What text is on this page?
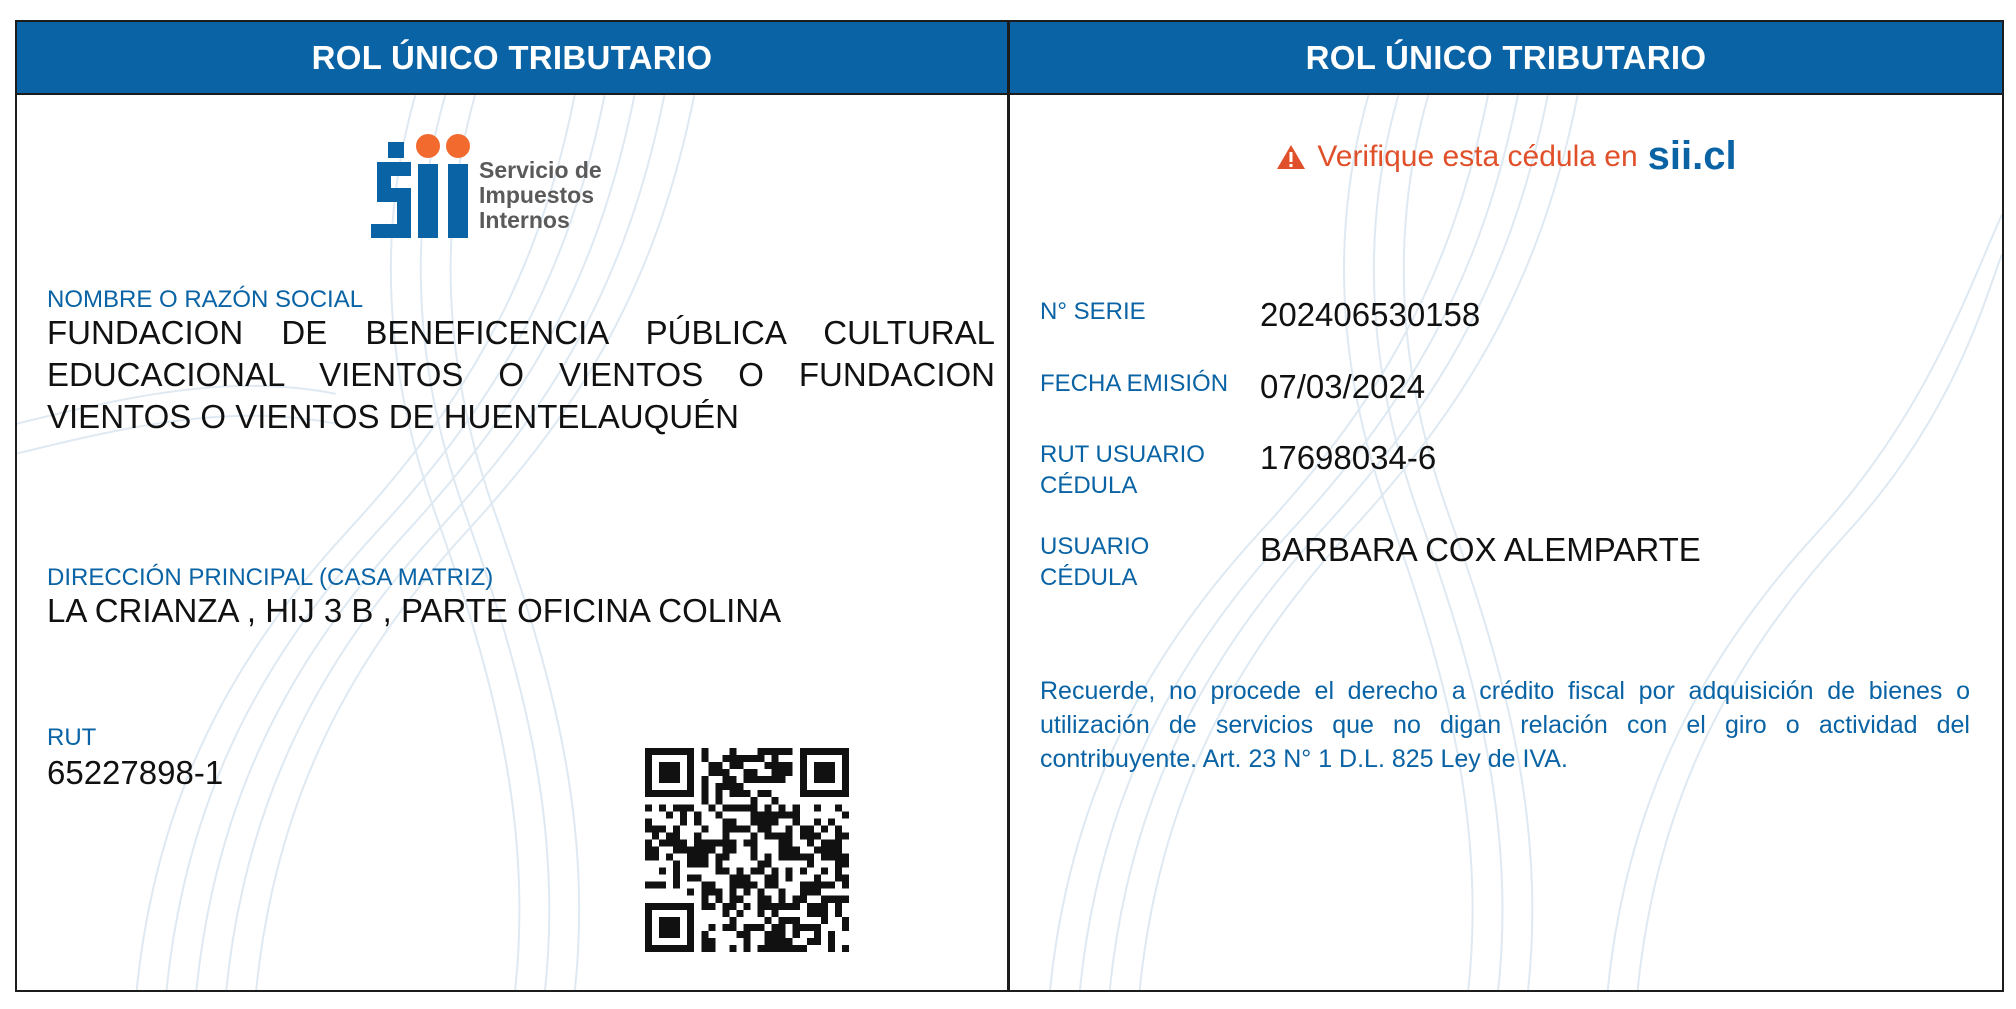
ROL ÚNICO TRIBUTARIO
Servicio de
Impuestos
Internos
NOMBRE O RAZÓN SOCIAL
FUNDACION DE BENEFICENCIA PÚBLICA CULTURAL EDUCACIONAL VIENTOS O VIENTOS O FUNDACION VIENTOS O VIENTOS DE HUENTELAUQUÉN
DIRECCIÓN PRINCIPAL (CASA MATRIZ)
LA CRIANZA , HIJ 3 B , PARTE OFICINA COLINA
RUT
65227898-1
ROL ÚNICO TRIBUTARIO
Verifique esta cédula en sii.cl
N° SERIE	202406530158
FECHA EMISIÓN 07/03/2024
RUT USUARIO CÉDULA
17698034-6
USUARIO CÉDULA
BARBARA COX ALEMPARTE
Recuerde, no procede el derecho a crédito fiscal por adquisición de bienes o utilización de servicios que no digan relación con el giro o actividad del contribuyente. Art. 23 N° 1 D.L. 825 Ley de IVA.
